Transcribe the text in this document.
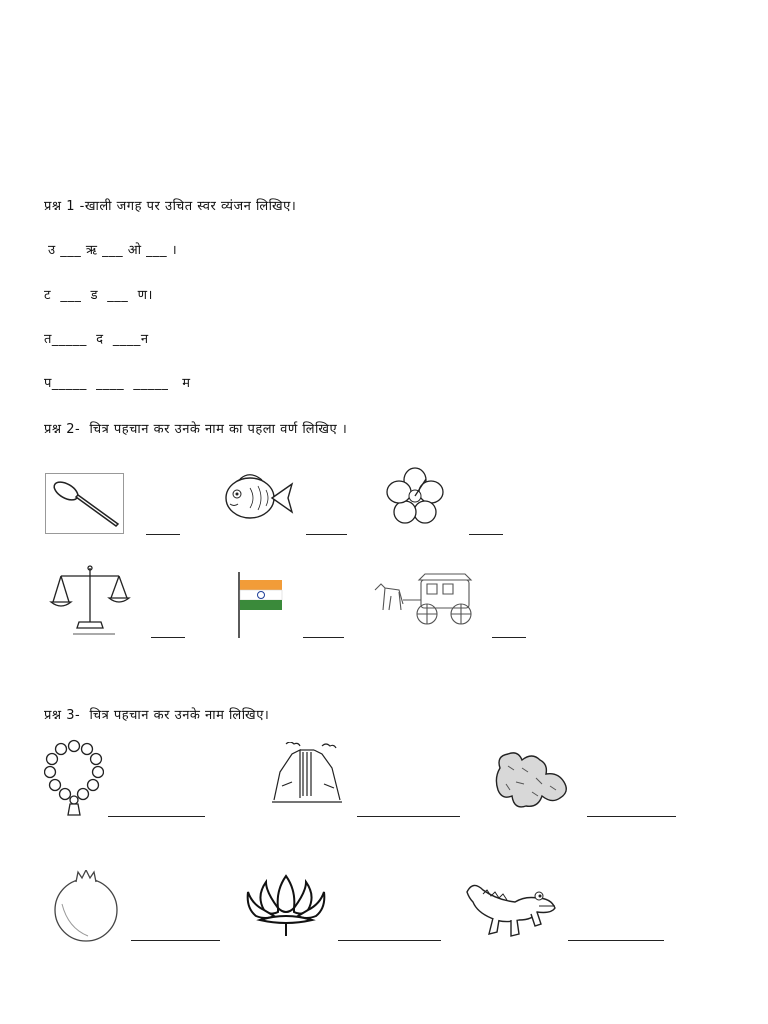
प्रश्न 1 -खाली जगह पर उचित स्वर व्यंजन लिखिए।
उ ___ ऋ ___ ओ ___ ।
ट  ___  ड  ___  ण।
त_____  द  ____न
प_____  ____  _____   म
प्रश्न 2-  चित्र पहचान कर उनके नाम का पहला वर्ण लिखिए ।
प्रश्न 3-  चित्र पहचान कर उनके नाम लिखिए।
